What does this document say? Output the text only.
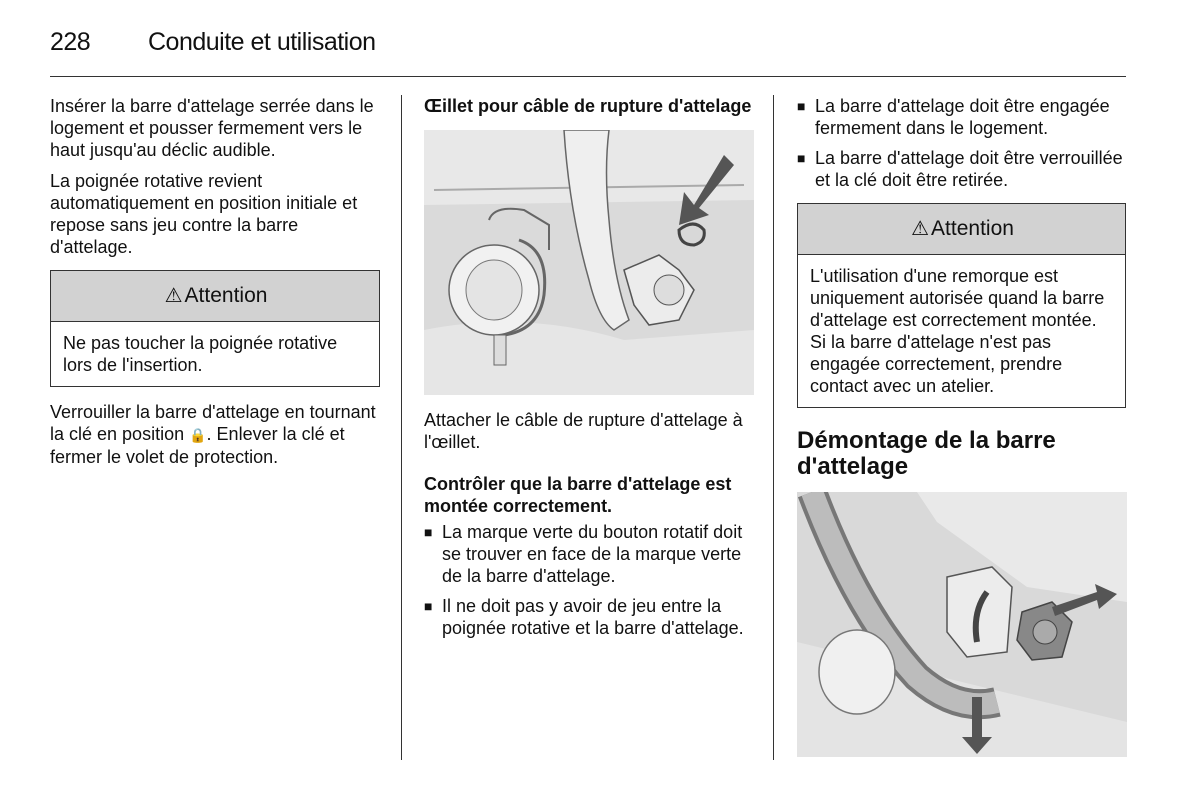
228 Conduite et utilisation

Insérer la barre d'attelage serrée dans le logement et pousser fermement vers le haut jusqu'au déclic audible.

La poignée rotative revient automatiquement en position initiale et repose sans jeu contre la barre d'attelage.

⚠Attention
Ne pas toucher la poignée rotative lors de l'insertion.

Verrouiller la barre d'attelage en tournant la clé en position 🔒. Enlever la clé et fermer le volet de protection.

Œillet pour câble de rupture d'attelage

Attacher le câble de rupture d'attelage à l'œillet.

Contrôler que la barre d'attelage est montée correctement.
■ La marque verte du bouton rotatif doit se trouver en face de la marque verte de la barre d'attelage.
■ Il ne doit pas y avoir de jeu entre la poignée rotative et la barre d'attelage.
■ La barre d'attelage doit être engagée fermement dans le logement.
■ La barre d'attelage doit être verrouillée et la clé doit être retirée.
⚠Attention
L'utilisation d'une remorque est uniquement autorisée quand la barre d'attelage est correctement montée. Si la barre d'attelage n'est pas engagée correctement, prendre contact avec un atelier.
Démontage de la barre d'attelage
